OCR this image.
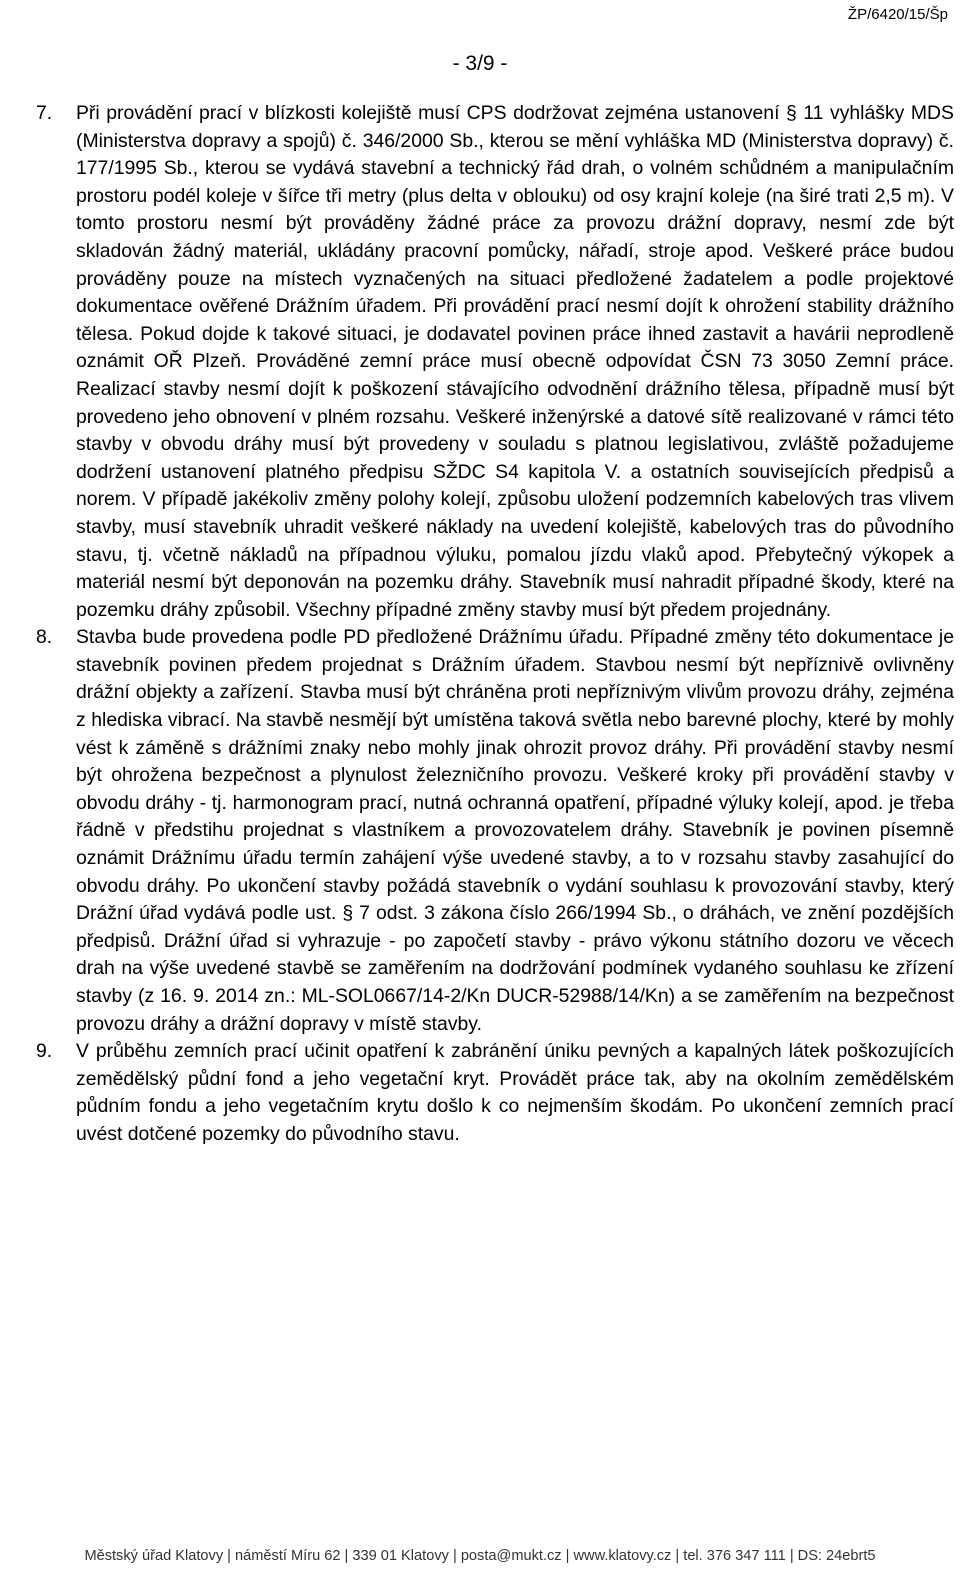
ŽP/6420/15/Šp
- 3/9 -
7.	Při provádění prací v blízkosti kolejiště musí CPS dodržovat zejména ustanovení § 11 vyhlášky MDS (Ministerstva dopravy a spojů) č. 346/2000 Sb., kterou se mění vyhláška MD (Ministerstva dopravy) č. 177/1995 Sb., kterou se vydává stavební a technický řád drah, o volném schůdném a manipulačním prostoru podél koleje v šířce tři metry (plus delta v oblouku) od osy krajní koleje (na širé trati 2,5 m). V tomto prostoru nesmí být prováděny žádné práce za provozu drážní dopravy, nesmí zde být skladován žádný materiál, ukládány pracovní pomůcky, nářadí, stroje apod. Veškeré práce budou prováděny pouze na místech vyznačených na situaci předložené žadatelem a podle projektové dokumentace ověřené Drážním úřadem. Při provádění prací nesmí dojít k ohrožení stability drážního tělesa. Pokud dojde k takové situaci, je dodavatel povinen práce ihned zastavit a havárii neprodleně oznámit OŘ Plzeň. Prováděné zemní práce musí obecně odpovídat ČSN 73 3050 Zemní práce. Realizací stavby nesmí dojít k poškození stávajícího odvodnění drážního tělesa, případně musí být provedeno jeho obnovení v plném rozsahu. Veškeré inženýrské a datové sítě realizované v rámci této stavby v obvodu dráhy musí být provedeny v souladu s platnou legislativou, zvláště požadujeme dodržení ustanovení platného předpisu SŽDC S4 kapitola V. a ostatních souvisejících předpisů a norem. V případě jakékoliv změny polohy kolejí, způsobu uložení podzemních kabelových tras vlivem stavby, musí stavebník uhradit veškeré náklady na uvedení kolejiště, kabelových tras do původního stavu, tj. včetně nákladů na případnou výluku, pomalou jízdu vlaků apod. Přebytečný výkopek a materiál nesmí být deponován na pozemku dráhy. Stavebník musí nahradit případné škody, které na pozemku dráhy způsobil. Všechny případné změny stavby musí být předem projednány.
8.	Stavba bude provedena podle PD předložené Drážnímu úřadu. Případné změny této dokumentace je stavebník povinen předem projednat s Drážním úřadem. Stavbou nesmí být nepříznivě ovlivněny drážní objekty a zařízení. Stavba musí být chráněna proti nepříznivým vlivům provozu dráhy, zejména z hlediska vibrací. Na stavbě nesmějí být umístěna taková světla nebo barevné plochy, které by mohly vést k záměně s drážními znaky nebo mohly jinak ohrozit provoz dráhy. Při provádění stavby nesmí být ohrožena bezpečnost a plynulost železničního provozu. Veškeré kroky při provádění stavby v obvodu dráhy - tj. harmonogram prací, nutná ochranná opatření, případné výluky kolejí, apod. je třeba řádně v předstihu projednat s vlastníkem a provozovatelem dráhy. Stavebník je povinen písemně oznámit Drážnímu úřadu termín zahájení výše uvedené stavby, a to v rozsahu stavby zasahující do obvodu dráhy. Po ukončení stavby požádá stavebník o vydání souhlasu k provozování stavby, který Drážní úřad vydává podle ust. § 7 odst. 3 zákona číslo 266/1994 Sb., o dráhách, ve znění pozdějších předpisů. Drážní úřad si vyhrazuje - po započetí stavby - právo výkonu státního dozoru ve věcech drah na výše uvedené stavbě se zaměřením na dodržování podmínek vydaného souhlasu ke zřízení stavby (z 16. 9. 2014 zn.: ML-SOL0667/14-2/Kn DUCR-52988/14/Kn) a se zaměřením na bezpečnost provozu dráhy a drážní dopravy v místě stavby.
9.	V průběhu zemních prací učinit opatření k zabránění úniku pevných a kapalných látek poškozujících zemědělský půdní fond a jeho vegetační kryt. Provádět práce tak, aby na okolním zemědělském půdním fondu a jeho vegetačním krytu došlo k co nejmenším škodám. Po ukončení zemních prací uvést dotčené pozemky do původního stavu.
Městský úřad Klatovy | náměstí Míru 62 | 339 01 Klatovy | posta@mukt.cz | www.klatovy.cz | tel. 376 347 111 | DS: 24ebrt5
